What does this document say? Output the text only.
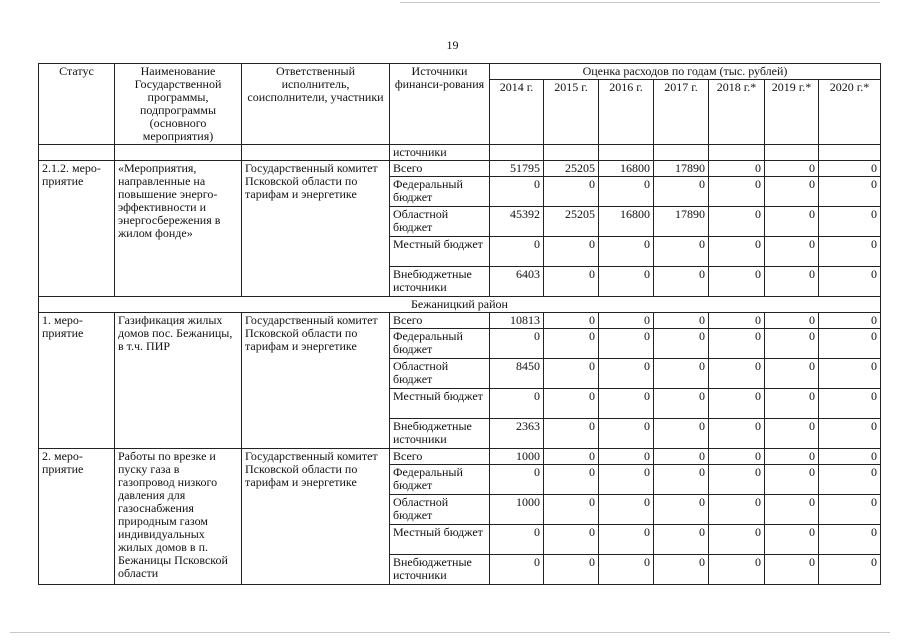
19
Статус	Наименование Государственной программы, подпрограммы (основного мероприятия)	Ответственный исполнитель, соисполнители, участники	Источники финанси-рования	Оценка расходов по годам (тыс. рублей)						
				2014 г.	2015 г.	2016 г.	2017 г.	2018 г.*	2019 г.*	2020 г.*
			источники							
2.1.2. меро-приятие	«Мероприятия, направленные на повышение энерго-эффективности и энергосбережения в жилом фонде»	Государственный комитет Псковской области по тарифам и энергетике	Всего	51795	25205	16800	17890	0	0	0
			Федеральный бюджет	0	0	0	0	0	0	0
			Областной бюджет	45392	25205	16800	17890	0	0	0
			Местный бюджет	0	0	0	0	0	0	0
			Внебюджетные источники	6403	0	0	0	0	0	0
Бежаницкий район										
1. меро-приятие	Газификация жилых домов пос. Бежаницы, в т.ч. ПИР	Государственный комитет Псковской области по тарифам и энергетике	Всего	10813	0	0	0	0	0	0
			Федеральный бюджет	0	0	0	0	0	0	0
			Областной бюджет	8450	0	0	0	0	0	0
			Местный бюджет	0	0	0	0	0	0	0
			Внебюджетные источники	2363	0	0	0	0	0	0
2. меро-приятие	Работы по врезке и пуску газа в газопровод низкого давления для газоснабжения природным газом индивидуальных жилых домов в п. Бежаницы Псковской области	Государственный комитет Псковской области по тарифам и энергетике	Всего	1000	0	0	0	0	0	0
			Федеральный бюджет	0	0	0	0	0	0	0
			Областной бюджет	1000	0	0	0	0	0	0
			Местный бюджет	0	0	0	0	0	0	0
			Внебюджетные источники	0	0	0	0	0	0	0
